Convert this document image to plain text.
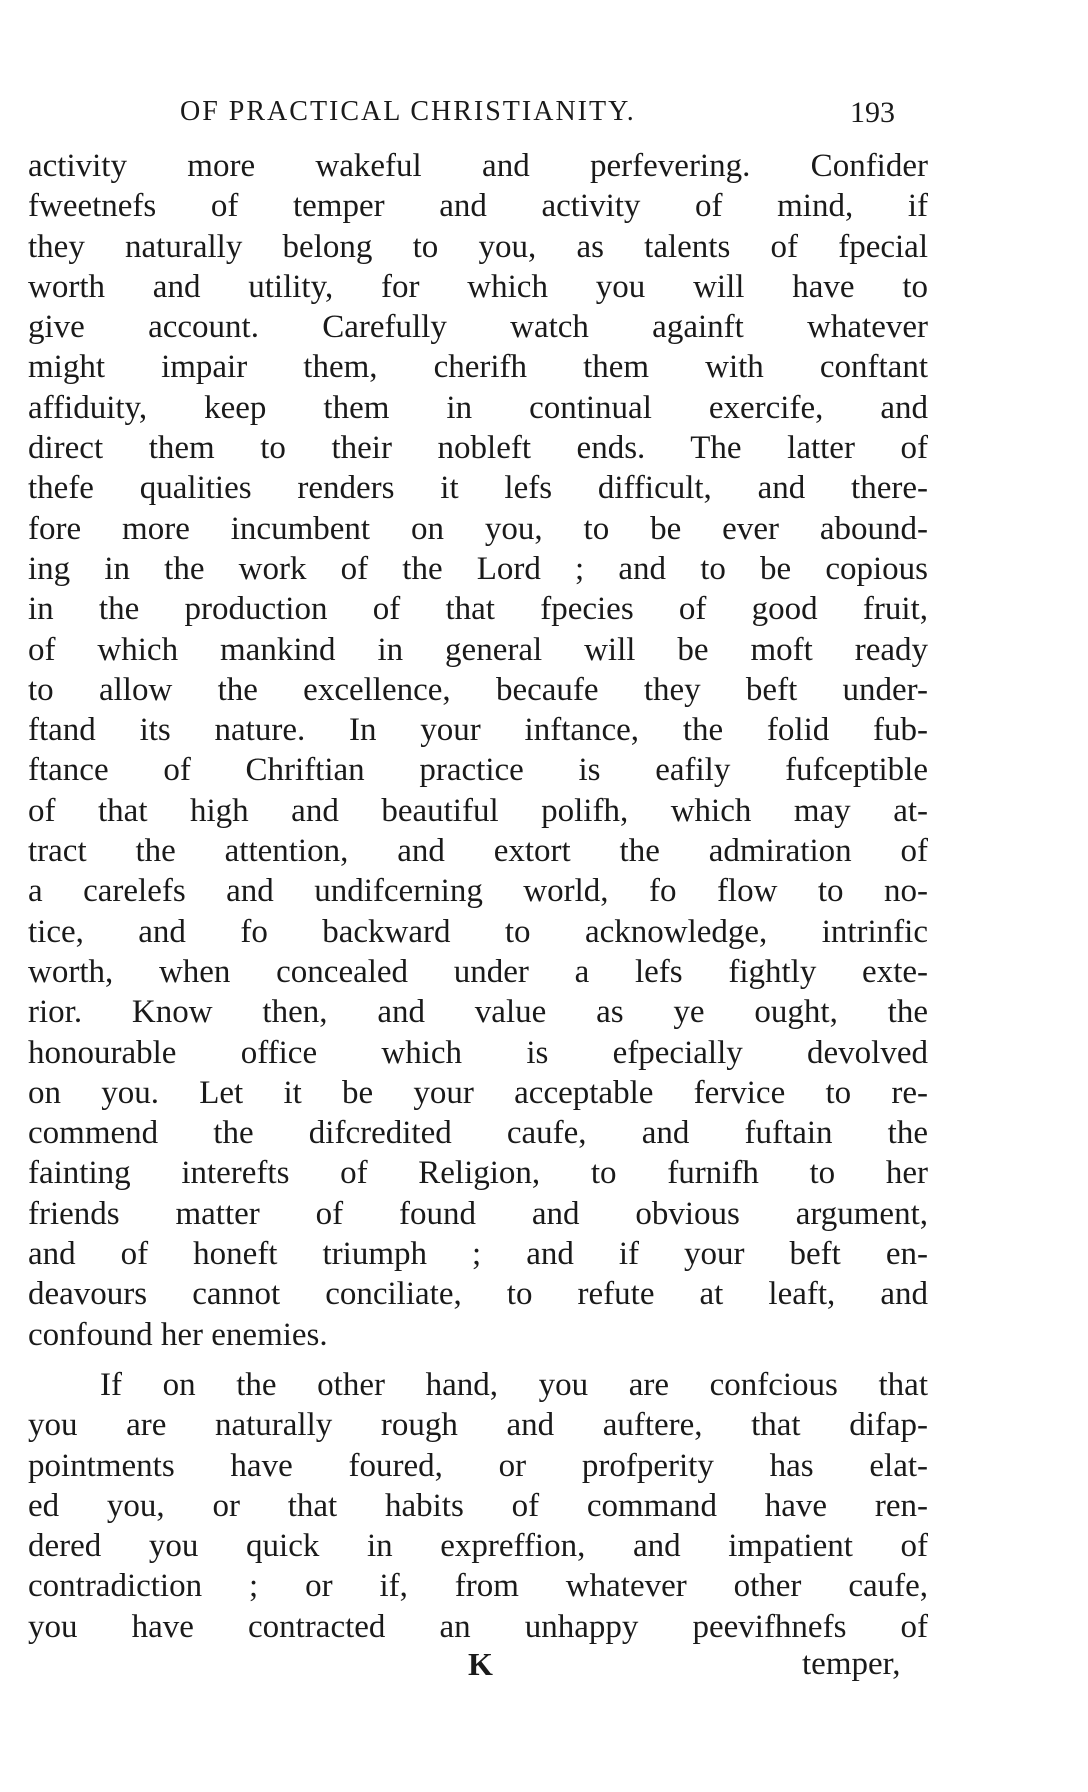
OF PRACTICAL CHRISTIANITY.	193
activity more wakeful and perfevering. Confider
fweetnefs of temper and activity of mind, if
they naturally belong to you, as talents of fpecial
worth and utility, for which you will have to
give account. Carefully watch againft whatever
might impair them, cherifh them with conftant
affiduity, keep them in continual exercife, and
direct them to their nobleft ends. The latter of
thefe qualities renders it lefs difficult, and there-
fore more incumbent on you, to be ever abound-
ing in the work of the Lord ; and to be copious
in the production of that fpecies of good fruit,
of which mankind in general will be moft ready
to allow the excellence, becaufe they beft under-
ftand its nature. In your inftance, the folid fub-
ftance of Chriftian practice is eafily fufceptible
of that high and beautiful polifh, which may at-
tract the attention, and extort the admiration of
a carelefs and undifcerning world, fo flow to no-
tice, and fo backward to acknowledge, intrinfic
worth, when concealed under a lefs fightly exte-
rior. Know then, and value as ye ought, the
honourable office which is efpecially devolved
on you. Let it be your acceptable fervice to re-
commend the difcredited caufe, and fuftain the
fainting interefts of Religion, to furnifh to her
friends matter of found and obvious argument,
and of honeft triumph ; and if your beft en-
deavours cannot conciliate, to refute at leaft, and
confound her enemies.
If on the other hand, you are confcious that
you are naturally rough and auftere, that difap-
pointments have foured, or profperity has elat-
ed you, or that habits of command have ren-
dered you quick in expreffion, and impatient of
contradiction ; or if, from whatever other caufe,
you have contracted an unhappy peevifhnefs of
K	temper,
